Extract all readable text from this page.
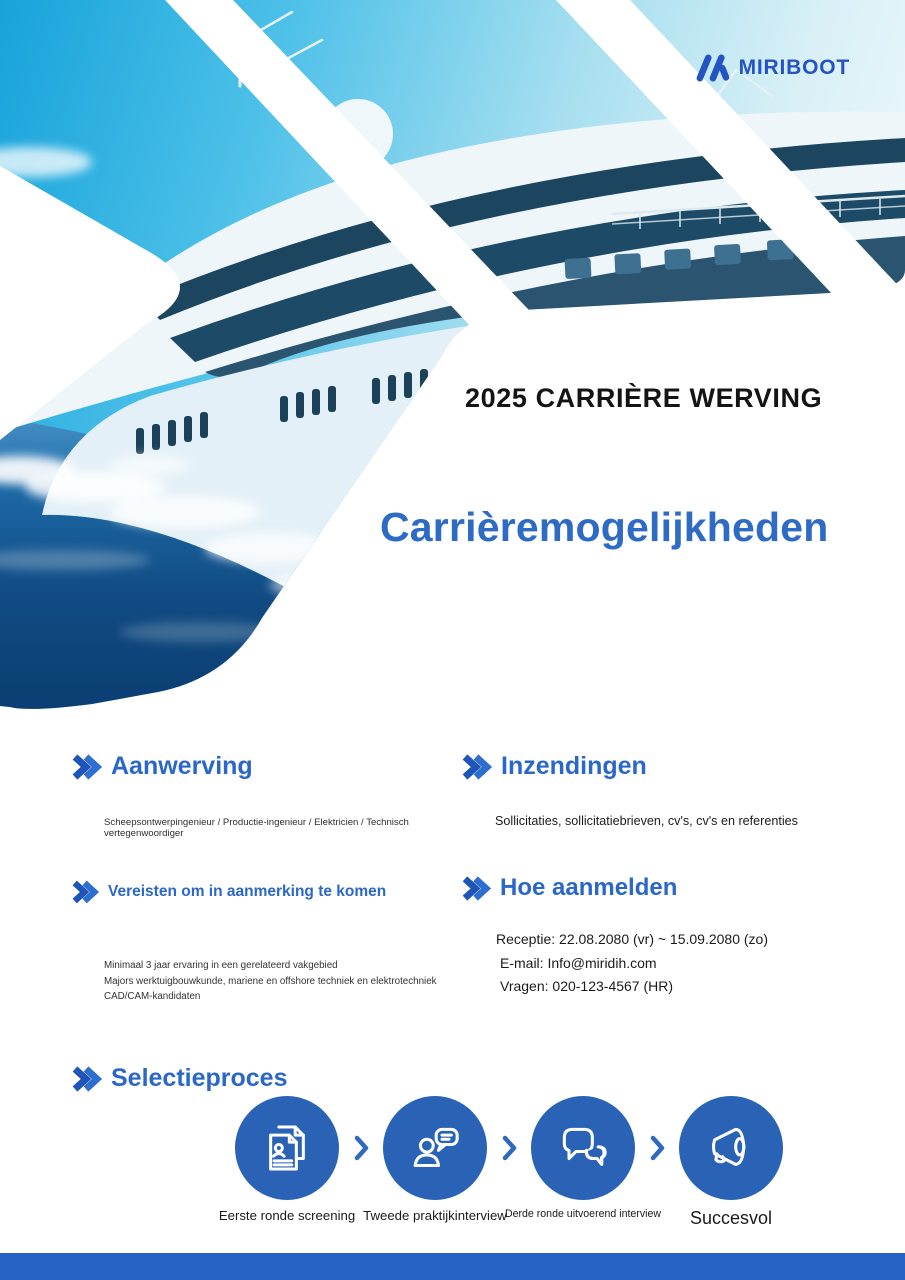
MIRIBOOT
2025 CARRIÈRE WERVING
Carrièremogelijkheden
Aanwerving
Scheepsontwerpingenieur / Productie-ingenieur / Elektricien / Technisch vertegenwoordiger
Vereisten om in aanmerking te komen
Minimaal 3 jaar ervaring in een gerelateerd vakgebied
Majors werktuigbouwkunde, mariene en offshore techniek en elektrotechniek
CAD/CAM-kandidaten
Inzendingen
Sollicitaties, sollicitatiebrieven, cv's, cv's en referenties
Hoe aanmelden
Receptie: 22.08.2080 (vr) ~ 15.09.2080 (zo)
E-mail: Info@miridih.com
Vragen: 020-123-4567 (HR)
Selectieproces
Eerste ronde screening Tweede praktijkinterview
Derde ronde uitvoerend interview	Succesvol
